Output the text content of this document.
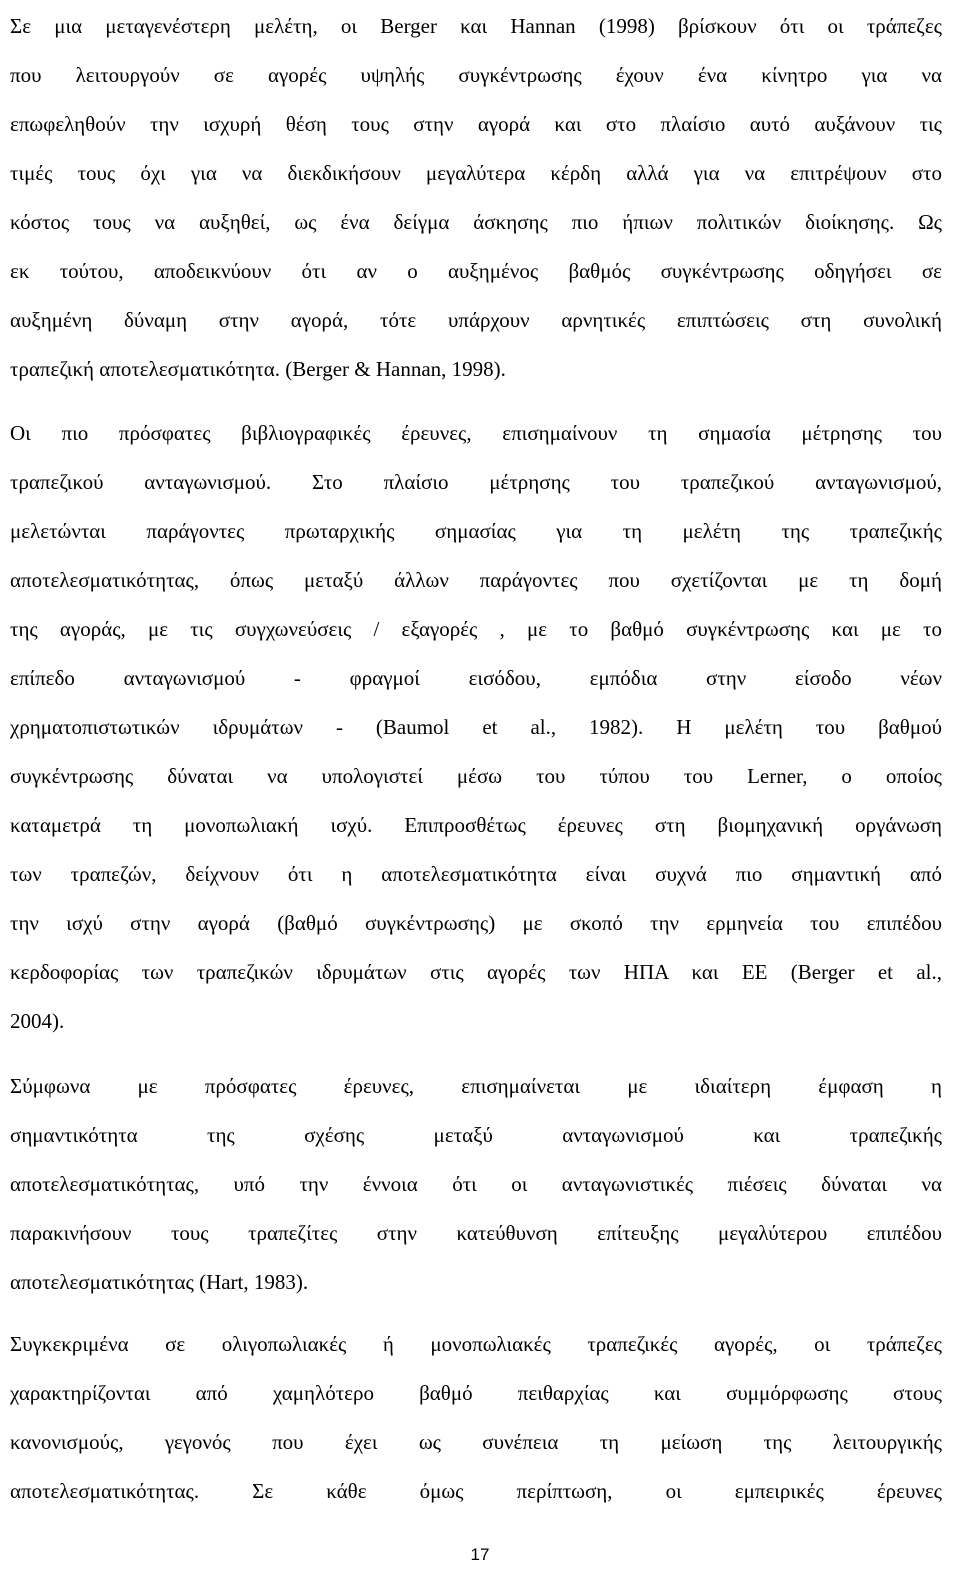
Σε μια μεταγενέστερη μελέτη, οι Berger και Hannan (1998) βρίσκουν ότι οι τράπεζες
που λειτουργούν σε αγορές υψηλής συγκέντρωσης έχουν ένα κίνητρο για να
επωφεληθούν την ισχυρή θέση τους στην αγορά και στο πλαίσιο αυτό αυξάνουν τις
τιμές τους όχι για να διεκδικήσουν μεγαλύτερα κέρδη αλλά για να επιτρέψουν στο
κόστος τους να αυξηθεί, ως ένα δείγμα άσκησης πιο ήπιων πολιτικών διοίκησης. Ως
εκ τούτου, αποδεικνύουν ότι αν ο αυξημένος βαθμός συγκέντρωσης οδηγήσει σε
αυξημένη δύναμη στην αγορά, τότε υπάρχουν αρνητικές επιπτώσεις στη συνολική
τραπεζική αποτελεσματικότητα. (Berger & Hannan, 1998).
Οι πιο πρόσφατες βιβλιογραφικές έρευνες, επισημαίνουν τη σημασία μέτρησης του
τραπεζικού ανταγωνισμού. Στο πλαίσιο μέτρησης του τραπεζικού ανταγωνισμού,
μελετώνται παράγοντες πρωταρχικής σημασίας για τη μελέτη της τραπεζικής
αποτελεσματικότητας, όπως μεταξύ άλλων παράγοντες που σχετίζονται με τη δομή
της αγοράς, με τις συγχωνεύσεις / εξαγορές , με το βαθμό συγκέντρωσης και με το
επίπεδο ανταγωνισμού - φραγμοί εισόδου, εμπόδια στην είσοδο νέων
χρηματοπιστωτικών ιδρυμάτων - (Baumol et al., 1982). Η μελέτη του βαθμού
συγκέντρωσης δύναται να υπολογιστεί μέσω του τύπου του Lerner, ο οποίος
καταμετρά τη μονοπωλιακή ισχύ. Επιπροσθέτως έρευνες στη βιομηχανική οργάνωση
των τραπεζών, δείχνουν ότι η αποτελεσματικότητα είναι συχνά πιο σημαντική από
την ισχύ στην αγορά (βαθμό συγκέντρωσης) με σκοπό την ερμηνεία του επιπέδου
κερδοφορίας των τραπεζικών ιδρυμάτων στις αγορές των ΗΠΑ και ΕΕ (Berger et al.,
2004).
Σύμφωνα με πρόσφατες έρευνες, επισημαίνεται με ιδιαίτερη έμφαση η
σημαντικότητα της σχέσης μεταξύ ανταγωνισμού και τραπεζικής
αποτελεσματικότητας, υπό την έννοια ότι οι ανταγωνιστικές πιέσεις δύναται να
παρακινήσουν τους τραπεζίτες στην κατεύθυνση επίτευξης μεγαλύτερου επιπέδου
αποτελεσματικότητας (Hart, 1983).
Συγκεκριμένα σε ολιγοπωλιακές ή μονοπωλιακές τραπεζικές αγορές, οι τράπεζες
χαρακτηρίζονται από χαμηλότερο βαθμό πειθαρχίας και συμμόρφωσης στους
κανονισμούς, γεγονός που έχει ως συνέπεια τη μείωση της λειτουργικής
αποτελεσματικότητας. Σε κάθε όμως περίπτωση, οι εμπειρικές έρευνες
17
